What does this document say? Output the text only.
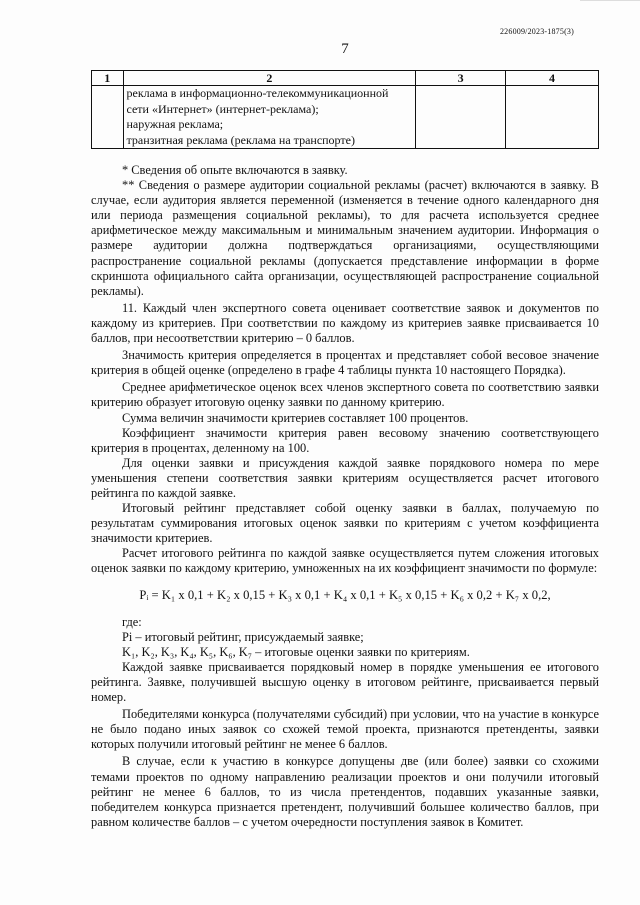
226009/2023-1875(3)
7
1	2	3	4

	реклама в информационно-телекоммуникационной сети «Интернет» (интернет-реклама);
наружная реклама;
транзитная реклама (реклама на транспорте)		

* Сведения об опыте включаются в заявку.

** Сведения о размере аудитории социальной рекламы (расчет) включаются в заявку. В случае, если аудитория является переменной (изменяется в течение одного календарного дня или периода размещения социальной рекламы), то для расчета используется среднее арифметическое между максимальным и минимальным значением аудитории. Информация о размере аудитории должна подтверждаться организациями, осуществляющими распространение социальной рекламы (допускается представление информации в форме скриншота официального сайта организации, осуществляющей распространение социальной рекламы).

11. Каждый член экспертного совета оценивает соответствие заявок и документов по каждому из критериев. При соответствии по каждому из критериев заявке присваивается 10 баллов, при несоответствии критерию – 0 баллов.

Значимость критерия определяется в процентах и представляет собой весовое значение критерия в общей оценке (определено в графе 4 таблицы пункта 10 настоящего Порядка).

Среднее арифметическое оценок всех членов экспертного совета по соответствию заявки критерию образует итоговую оценку заявки по данному критерию.

Сумма величин значимости критериев составляет 100 процентов.

Коэффициент значимости критерия равен весовому значению соответствующего критерия в процентах, деленному на 100.

Для оценки заявки и присуждения каждой заявке порядкового номера по мере уменьшения степени соответствия заявки критериям осуществляется расчет итогового рейтинга по каждой заявке.

Итоговый рейтинг представляет собой оценку заявки в баллах, получаемую по результатам суммирования итоговых оценок заявки по критериям с учетом коэффициента значимости критериев.

Расчет итогового рейтинга по каждой заявке осуществляется путем сложения итоговых оценок заявки по каждому критерию, умноженных на их коэффициент значимости по формуле:

Pᵢ = K₁ x 0,1 + K₂ x 0,15 + K₃ x 0,1 + K₄ x 0,1 + K₅ x 0,15 + K₆ x 0,2 + K₇ x 0,2,

где:

Pi – итоговый рейтинг, присуждаемый заявке;

K₁, K₂, K₃, K₄, K₅, K₆, K₇ – итоговые оценки заявки по критериям.

Каждой заявке присваивается порядковый номер в порядке уменьшения ее итогового рейтинга. Заявке, получившей высшую оценку в итоговом рейтинге, присваивается первый номер.

Победителями конкурса (получателями субсидий) при условии, что на участие в конкурсе не было подано иных заявок со схожей темой проекта, признаются претенденты, заявки которых получили итоговый рейтинг не менее 6 баллов.

В случае, если к участию в конкурсе допущены две (или более) заявки со схожими темами проектов по одному направлению реализации проектов и они получили итоговый рейтинг не менее 6 баллов, то из числа претендентов, подавших указанные заявки, победителем конкурса признается претендент, получивший большее количество баллов, при равном количестве баллов – с учетом очередности поступления заявок в Комитет.
